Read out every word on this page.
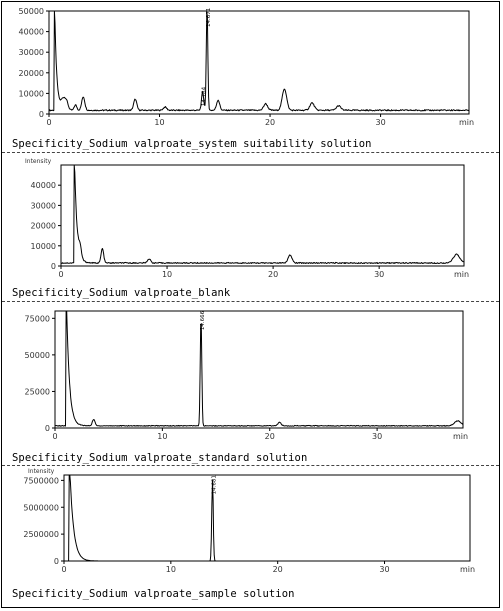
0
10000
20000
30000
40000
50000
0	10	20	30	min
14.184
14.671
Specificity_Sodium valproate_system suitability solution
0
10000
20000
30000
40000
0	10	20	30	min
Intensity
Specificity_Sodium valproate_blank
0
25000
50000
75000
0	10	20	30	min
14.666
Specificity_Sodium valproate_standard solution
0
2500000
5000000
7500000
0	10	20	30	min
Intensity
14.681
Specificity_Sodium valproate_sample solution
